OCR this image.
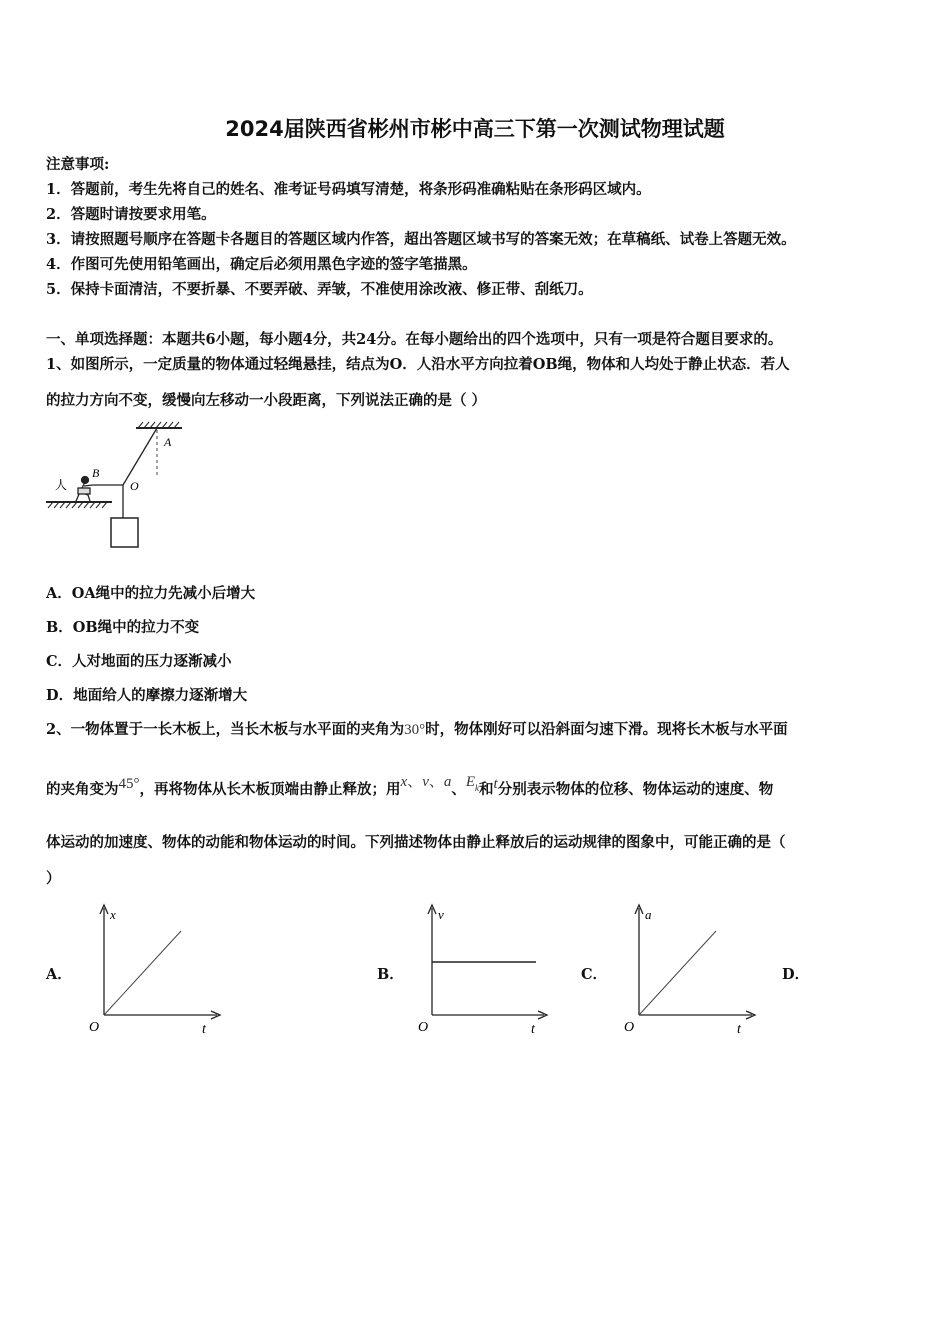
2024届陕西省彬州市彬中高三下第一次测试物理试题
注意事项:
1．答题前，考生先将自己的姓名、准考证号码填写清楚，将条形码准确粘贴在条形码区域内。
2．答题时请按要求用笔。
3．请按照题号顺序在答题卡各题目的答题区域内作答，超出答题区域书写的答案无效；在草稿纸、试卷上答题无效。
4．作图可先使用铅笔画出，确定后必须用黑色字迹的签字笔描黑。
5．保持卡面清洁，不要折暴、不要弄破、弄皱，不准使用涂改液、修正带、刮纸刀。
一、单项选择题：本题共6小题，每小题4分，共24分。在每小题给出的四个选项中，只有一项是符合题目要求的。
1、如图所示，一定质量的物体通过轻绳悬挂，结点为O．人沿水平方向拉着OB绳，物体和人均处于静止状态．若人
的拉力方向不变，缓慢向左移动一小段距离，下列说法正确的是（ ）
A
O
B
人
A．OA绳中的拉力先减小后增大
B．OB绳中的拉力不变
C．人对地面的压力逐渐减小
D．地面给人的摩擦力逐渐增大
2、一物体置于一长木板上，当长木板与水平面的夹角为30°时，物体刚好可以沿斜面匀速下滑。现将长木板与水平面
的夹角变为45°，再将物体从长木板顶端由静止释放；用x、v、a、$E^k$和t分别表示物体的位移、物体运动的速度、物
体运动的加速度、物体的动能和物体运动的时间。下列描述物体由静止释放后的运动规律的图象中，可能正确的是（
）
A．	B．	C．	D．
x
O	t
v
O	t
a
O	t
